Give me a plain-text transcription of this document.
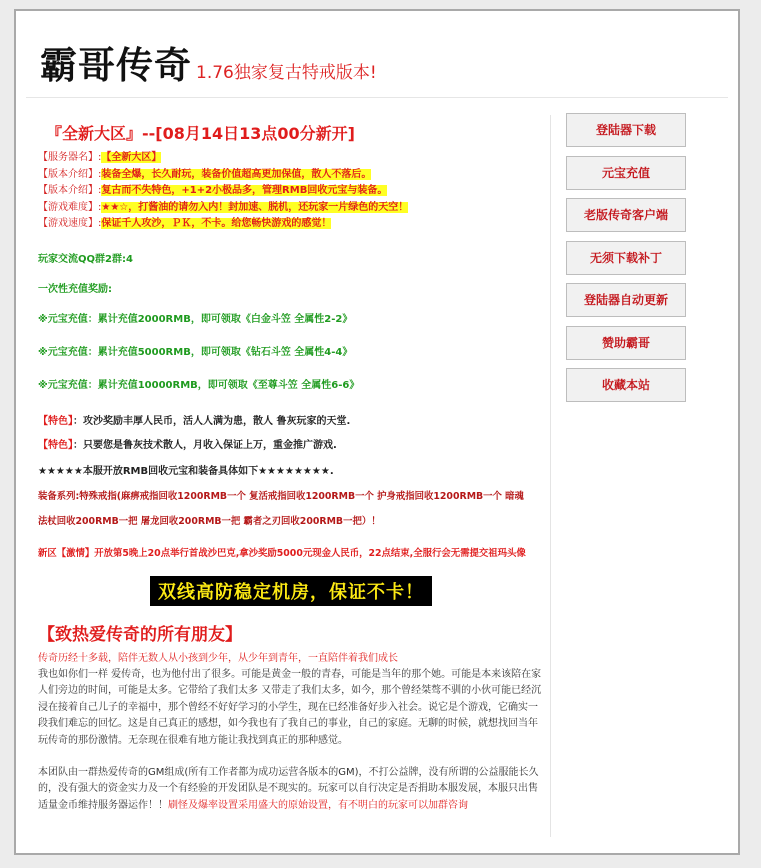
霸哥传奇 1.76独家复古特戒版本!
『全新大区』--[08月14日13点00分新开]
【服务器名】:【全新大区】
【版本介绍】:装备全爆，长久耐玩，装备价值超高更加保值，散人不落后。
【版本介绍】:复古而不失特色，+1+2小极品多，管理RMB回收元宝与装备。
【游戏难度】:★★☆，打酱油的请勿入内！封加速、脱机，还玩家一片绿色的天空！
【游戏速度】:保证千人攻沙，ＰＫ，不卡。给您畅快游戏的感觉！
玩家交流QQ群2群:4
一次性充值奖励:
※元宝充值：累计充值2000RMB，即可领取《白金斗笠 全属性2-2》
※元宝充值：累计充值5000RMB，即可领取《钻石斗笠 全属性4-4》
※元宝充值：累计充值10000RMB，即可领取《至尊斗笠 全属性6-6》
【特色】：攻沙奖励丰厚人民币，活人人满为患，散人 鲁灰玩家的天堂.
【特色】：只要您是鲁灰技术散人，月收入保证上万，重金推广游戏.
★★★★★本服开放RMB回收元宝和装备具体如下★★★★★★★★.
装备系列:特殊戒指(麻痹戒指回收1200RMB一个 复活戒指回收1200RMB一个 护身戒指回收1200RMB一个 暗魂
法杖回收200RMB一把 屠龙回收200RMB一把 霸者之刃回收200RMB一把）！
新区【激情】开放第5晚上20点举行首战沙巴克,拿沙奖励5000元现金人民币，22点结束,全服行会无需提交祖玛头像
双线高防稳定机房，保证不卡！
【致热爱传奇的所有朋友】
传奇历经十多载，陪伴无数人从小孩到少年，从少年到青年，一直陪伴着我们成长
我也如你们一样 爱传奇，也为他付出了很多。可能是黄金一般的青春，可能是当年的那个她。可能是本来该陪在家人们旁边的时间，可能是太多。它带给了我们太多 又带走了我们太多，如今，那个曾经桀骜不驯的小伙可能已经沉浸在接着自己儿子的幸福中，那个曾经不好好学习的小学生，现在已经准备好步入社会。说它是个游戏，它确实一段我们难忘的回忆。这是自己真正的感想，如今我也有了我自己的事业，自己的家庭。无聊的时候，就想找回当年玩传奇的那份激情。无奈现在很难有地方能让我找到真正的那种感觉。
本团队由一群热爱传奇的GM组成(所有工作者都为成功运营各版本的GM)，不打公益牌，没有所谓的公益服能长久的，没有强大的资金实力及一个有经验的开发团队是不现实的。玩家可以自行决定是否捐助本服发展，本服只出售适量金币维持服务器运作！！刷怪及爆率设置采用盛大的原始设置，有不明白的玩家可以加群咨询
登陆器下载
元宝充值
老版传奇客户端
无须下载补丁
登陆器自动更新
赞助霸哥
收藏本站
